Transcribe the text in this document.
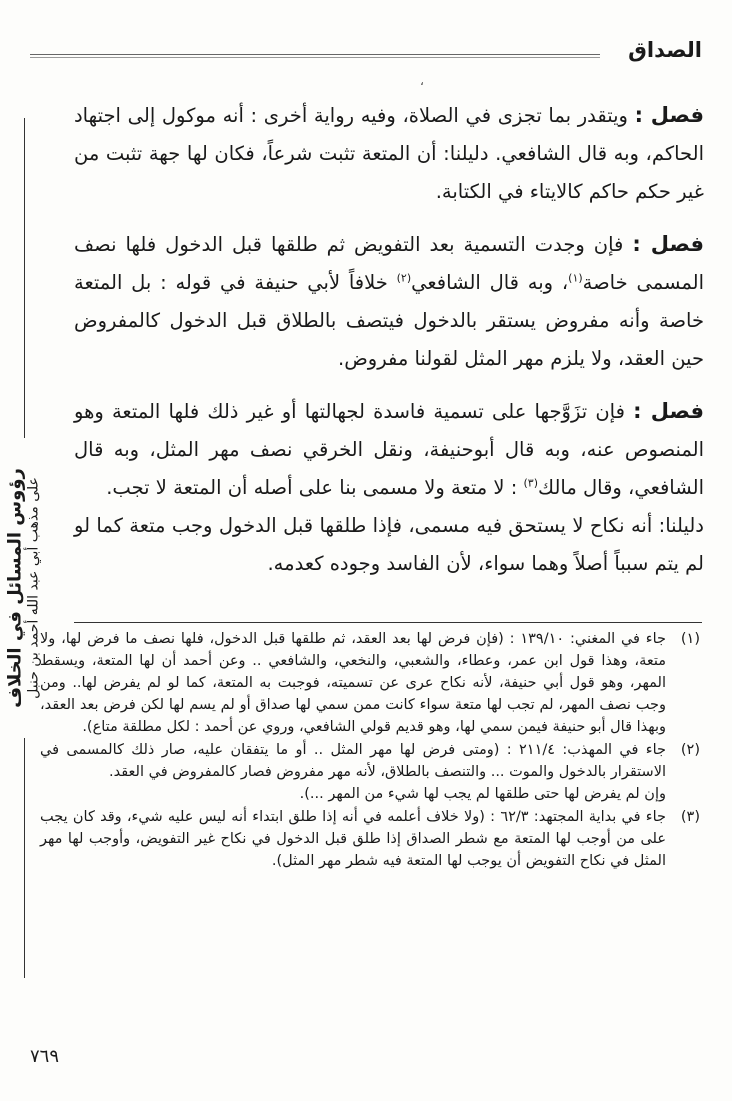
الصداق
،
رؤوس المسائل في الخلاف على مذهب أبي عبد الله أحمد بن حنبل

فصل : ويتقدر بما تجزى في الصلاة، وفيه رواية أخرى : أنه موكول إلى اجتهاد الحاكم، وبه قال الشافعي. دليلنا: أن المتعة تثبت شرعاً، فكان لها جهة تثبت من غير حكم حاكم كالايتاء في الكتابة.

فصل : فإن وجدت التسمية بعد التفويض ثم طلقها قبل الدخول فلها نصف المسمى خاصة$^{(١)}$، وبه قال الشافعي$^{(٢)}$ خلافاً لأبي حنيفة في قوله : بل المتعة خاصة وأنه مفروض يستقر بالدخول فيتصف بالطلاق قبل الدخول كالمفروض حين العقد، ولا يلزم مهر المثل لقولنا مفروض.

فصل : فإن تزَوَّجها على تسمية فاسدة لجهالتها أو غير ذلك فلها المتعة وهو المنصوص عنه، وبه قال أبوحنيفة، ونقل الخرقي نصف مهر المثل، وبه قال الشافعي، وقال مالك$^{(٣)}$ : لا متعة ولا مسمى بنا على أصله أن المتعة لا تجب.

دليلنا: أنه نكاح لا يستحق فيه مسمى، فإذا طلقها قبل الدخول وجب متعة كما لو لم يتم سبباً أصلاً وهما سواء، لأن الفاسد وجوده كعدمه.

(١)
جاء في المغني: ١٣٩/١٠ : (فإن فرض لها بعد العقد، ثم طلقها قبل الدخول، فلها نصف ما فرض لها، ولا متعة، وهذا قول ابن عمر، وعطاء، والشعبي، والنخعي، والشافعي .. وعن أحمد أن لها المتعة، ويسقط المهر، وهو قول أبي حنيفة، لأنه نكاح عرى عن تسميته، فوجبت به المتعة، كما لو لم يفرض لها.. ومن وجب نصف المهر، لم تجب لها متعة سواء كانت ممن سمي لها صداق أو لم يسم لها لكن فرض بعد العقد، وبهذا قال أبو حنيفة فيمن سمي لها، وهو قديم قولي الشافعي، وروي عن أحمد : لكل مطلقة متاع).
(٢)
جاء في المهذب: ٢١١/٤ : (ومتى فرض لها مهر المثل .. أو ما يتفقان عليه، صار ذلك كالمسمى في الاستقرار بالدخول والموت ... والتنصف بالطلاق، لأنه مهر مفروض فصار كالمفروض في العقد.
وإن لم يفرض لها حتى طلقها لم يجب لها شيء من المهر ...).
(٣)
جاء في بداية المجتهد: ٦٢/٣ : (ولا خلاف أعلمه في أنه إذا طلق ابتداء أنه ليس عليه شيء، وقد كان يجب على من أوجب لها المتعة مع شطر الصداق إذا طلق قبل الدخول في نكاح غير التفويض، وأوجب لها مهر المثل في نكاح التفويض أن يوجب لها المتعة فيه شطر مهر المثل).
٧٦٩
